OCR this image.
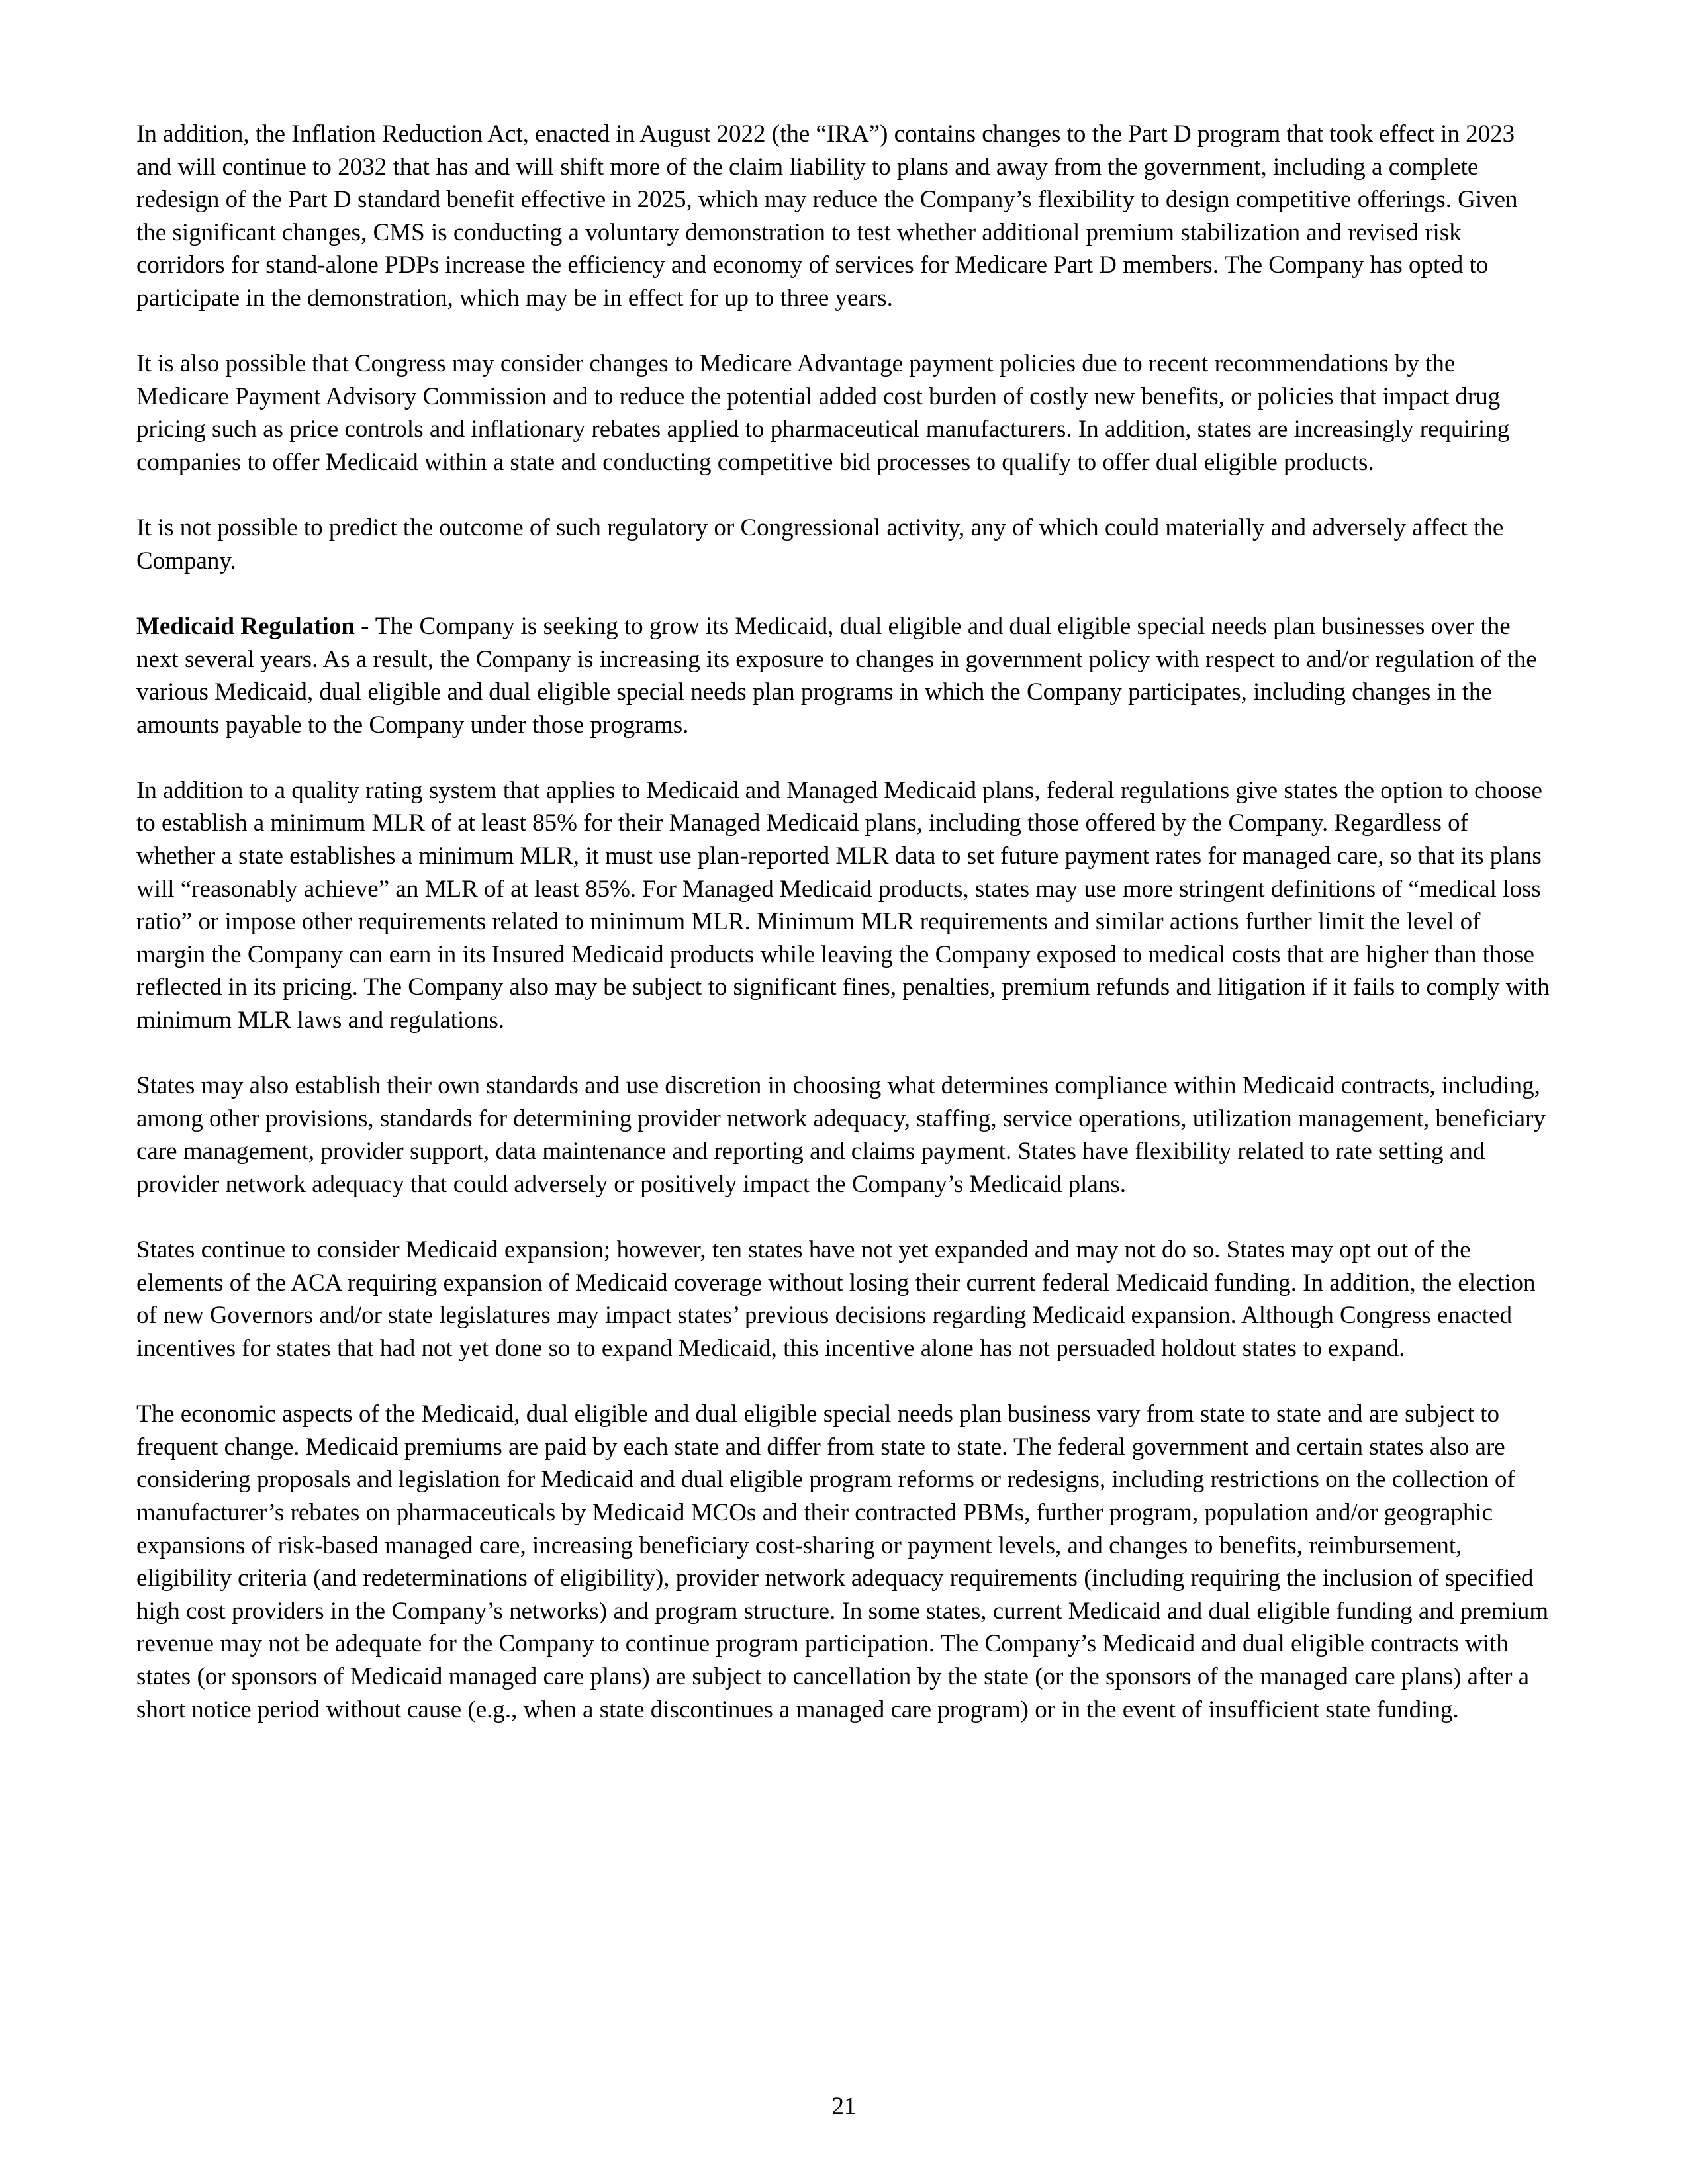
In addition, the Inflation Reduction Act, enacted in August 2022 (the “IRA”) contains changes to the Part D program that took effect in 2023 and will continue to 2032 that has and will shift more of the claim liability to plans and away from the government, including a complete redesign of the Part D standard benefit effective in 2025, which may reduce the Company’s flexibility to design competitive offerings. Given the significant changes, CMS is conducting a voluntary demonstration to test whether additional premium stabilization and revised risk corridors for stand-alone PDPs increase the efficiency and economy of services for Medicare Part D members. The Company has opted to participate in the demonstration, which may be in effect for up to three years.

It is also possible that Congress may consider changes to Medicare Advantage payment policies due to recent recommendations by the Medicare Payment Advisory Commission and to reduce the potential added cost burden of costly new benefits, or policies that impact drug pricing such as price controls and inflationary rebates applied to pharmaceutical manufacturers. In addition, states are increasingly requiring companies to offer Medicaid within a state and conducting competitive bid processes to qualify to offer dual eligible products.

It is not possible to predict the outcome of such regulatory or Congressional activity, any of which could materially and adversely affect the Company.

Medicaid Regulation - The Company is seeking to grow its Medicaid, dual eligible and dual eligible special needs plan businesses over the next several years. As a result, the Company is increasing its exposure to changes in government policy with respect to and/or regulation of the various Medicaid, dual eligible and dual eligible special needs plan programs in which the Company participates, including changes in the amounts payable to the Company under those programs.

In addition to a quality rating system that applies to Medicaid and Managed Medicaid plans, federal regulations give states the option to choose to establish a minimum MLR of at least 85% for their Managed Medicaid plans, including those offered by the Company. Regardless of whether a state establishes a minimum MLR, it must use plan-reported MLR data to set future payment rates for managed care, so that its plans will “reasonably achieve” an MLR of at least 85%. For Managed Medicaid products, states may use more stringent definitions of “medical loss ratio” or impose other requirements related to minimum MLR. Minimum MLR requirements and similar actions further limit the level of margin the Company can earn in its Insured Medicaid products while leaving the Company exposed to medical costs that are higher than those reflected in its pricing. The Company also may be subject to significant fines, penalties, premium refunds and litigation if it fails to comply with minimum MLR laws and regulations.

States may also establish their own standards and use discretion in choosing what determines compliance within Medicaid contracts, including, among other provisions, standards for determining provider network adequacy, staffing, service operations, utilization management, beneficiary care management, provider support, data maintenance and reporting and claims payment. States have flexibility related to rate setting and provider network adequacy that could adversely or positively impact the Company’s Medicaid plans.

States continue to consider Medicaid expansion; however, ten states have not yet expanded and may not do so. States may opt out of the elements of the ACA requiring expansion of Medicaid coverage without losing their current federal Medicaid funding. In addition, the election of new Governors and/or state legislatures may impact states’ previous decisions regarding Medicaid expansion. Although Congress enacted incentives for states that had not yet done so to expand Medicaid, this incentive alone has not persuaded holdout states to expand.

The economic aspects of the Medicaid, dual eligible and dual eligible special needs plan business vary from state to state and are subject to frequent change. Medicaid premiums are paid by each state and differ from state to state. The federal government and certain states also are considering proposals and legislation for Medicaid and dual eligible program reforms or redesigns, including restrictions on the collection of manufacturer’s rebates on pharmaceuticals by Medicaid MCOs and their contracted PBMs, further program, population and/or geographic expansions of risk-based managed care, increasing beneficiary cost-sharing or payment levels, and changes to benefits, reimbursement, eligibility criteria (and redeterminations of eligibility), provider network adequacy requirements (including requiring the inclusion of specified high cost providers in the Company’s networks) and program structure. In some states, current Medicaid and dual eligible funding and premium revenue may not be adequate for the Company to continue program participation. The Company’s Medicaid and dual eligible contracts with states (or sponsors of Medicaid managed care plans) are subject to cancellation by the state (or the sponsors of the managed care plans) after a short notice period without cause (e.g., when a state discontinues a managed care program) or in the event of insufficient state funding.

21
